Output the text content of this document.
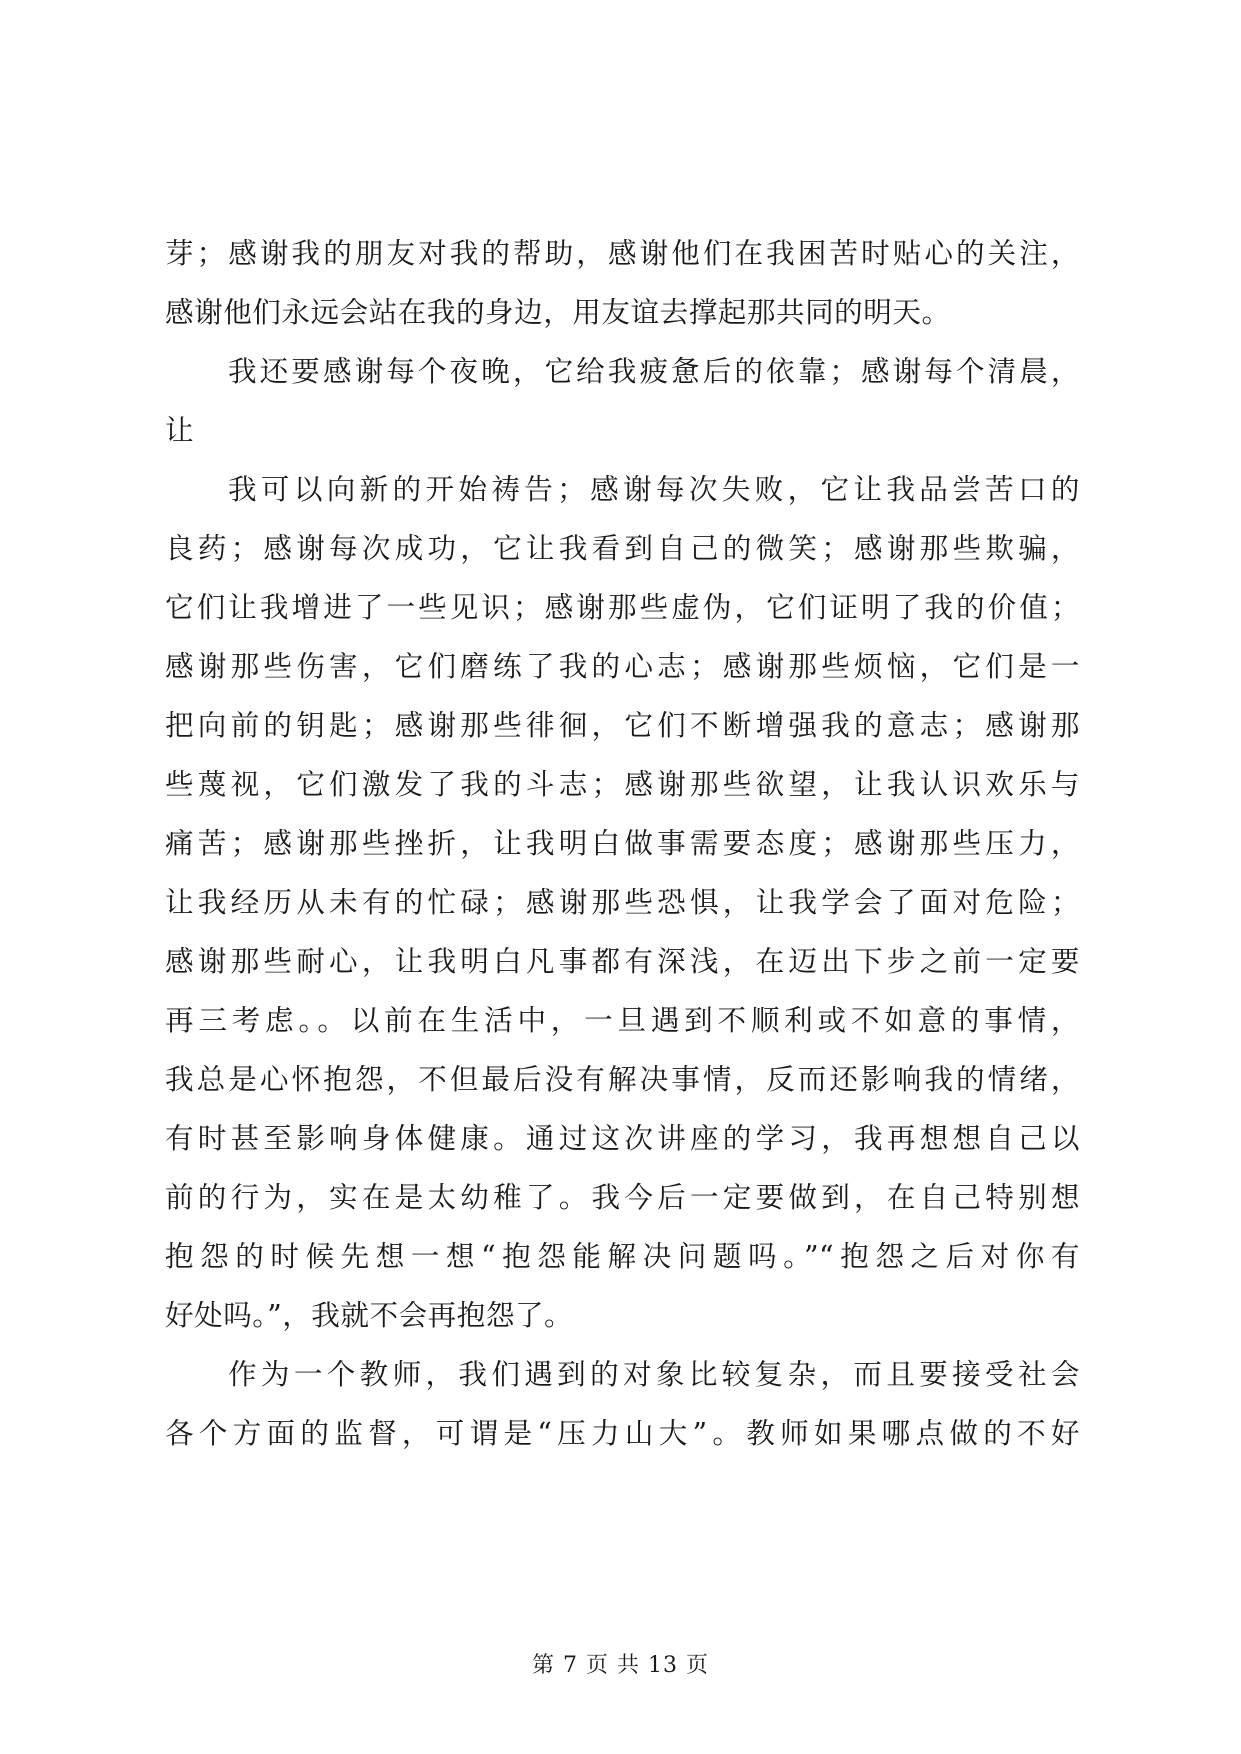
芽；感谢我的朋友对我的帮助，感谢他们在我困苦时贴心的关注，
感谢他们永远会站在我的身边，用友谊去撑起那共同的明天。
我还要感谢每个夜晚，它给我疲惫后的依靠；感谢每个清晨，
让
我可以向新的开始祷告；感谢每次失败，它让我品尝苦口的
良药；感谢每次成功，它让我看到自己的微笑；感谢那些欺骗，
它们让我增进了一些见识；感谢那些虚伪，它们证明了我的价值；
感谢那些伤害，它们磨练了我的心志；感谢那些烦恼，它们是一
把向前的钥匙；感谢那些徘徊，它们不断增强我的意志；感谢那
些蔑视，它们激发了我的斗志；感谢那些欲望，让我认识欢乐与
痛苦；感谢那些挫折，让我明白做事需要态度；感谢那些压力，
让我经历从未有的忙碌；感谢那些恐惧，让我学会了面对危险；
感谢那些耐心，让我明白凡事都有深浅，在迈出下步之前一定要
再三考虑。。以前在生活中，一旦遇到不顺利或不如意的事情，
我总是心怀抱怨，不但最后没有解决事情，反而还影响我的情绪，
有时甚至影响身体健康。通过这次讲座的学习，我再想想自己以
前的行为，实在是太幼稚了。我今后一定要做到，在自己特别想
抱怨的时候先想一想“抱怨能解决问题吗。”“抱怨之后对你有
好处吗。”，我就不会再抱怨了。
作为一个教师，我们遇到的对象比较复杂，而且要接受社会
各个方面的监督，可谓是“压力山大”。教师如果哪点做的不好
第 7 页 共 13 页
